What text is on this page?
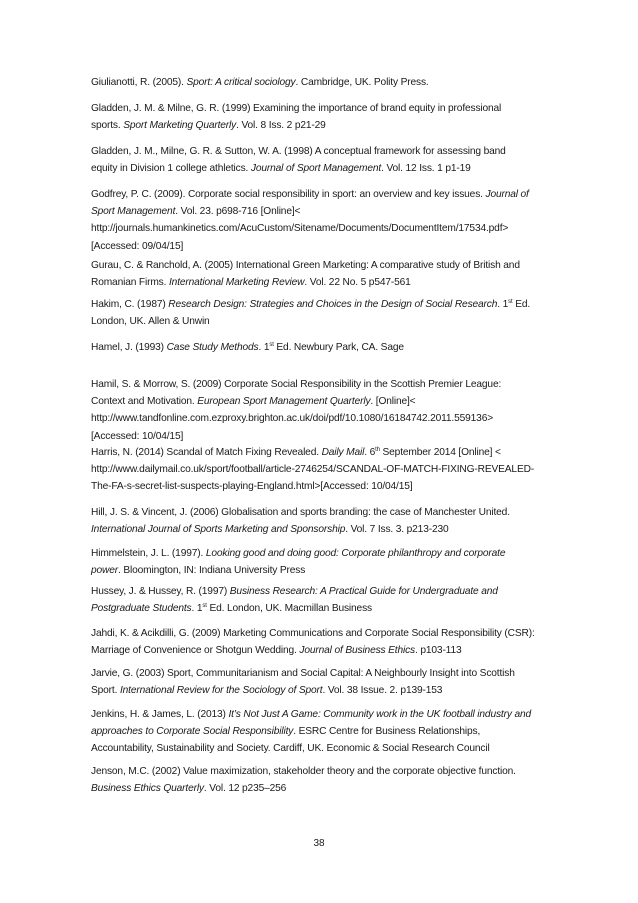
Giulianotti, R. (2005). Sport: A critical sociology. Cambridge, UK. Polity Press.
Gladden, J. M. & Milne, G. R. (1999) Examining the importance of brand equity in professional
sports. Sport Marketing Quarterly. Vol. 8 Iss. 2 p21-29
Gladden, J. M., Milne, G. R. & Sutton, W. A. (1998) A conceptual framework for assessing band
equity in Division 1 college athletics. Journal of Sport Management. Vol. 12 Iss. 1 p1-19
Godfrey, P. C. (2009). Corporate social responsibility in sport: an overview and key issues. Journal of
Sport Management. Vol. 23. p698-716 [Online]<
http://journals.humankinetics.com/AcuCustom/Sitename/Documents/DocumentItem/17534.pdf>
[Accessed: 09/04/15]
Gurau, C. & Ranchold, A. (2005) International Green Marketing: A comparative study of British and
Romanian Firms. International Marketing Review. Vol. 22 No. 5 p547-561
Hakim, C. (1987) Research Design: Strategies and Choices in the Design of Social Research. 1st Ed.
London, UK. Allen & Unwin
Hamel, J. (1993) Case Study Methods. 1st Ed. Newbury Park, CA. Sage
Hamil, S. & Morrow, S. (2009) Corporate Social Responsibility in the Scottish Premier League:
Context and Motivation. European Sport Management Quarterly. [Online]<
http://www.tandfonline.com.ezproxy.brighton.ac.uk/doi/pdf/10.1080/16184742.2011.559136>
[Accessed: 10/04/15]
Harris, N. (2014) Scandal of Match Fixing Revealed. Daily Mail. 6th September 2014 [Online] <
http://www.dailymail.co.uk/sport/football/article-2746254/SCANDAL-OF-MATCH-FIXING-REVEALED-
The-FA-s-secret-list-suspects-playing-England.html>[Accessed: 10/04/15]
Hill, J. S. & Vincent, J. (2006) Globalisation and sports branding: the case of Manchester United.
International Journal of Sports Marketing and Sponsorship. Vol. 7 Iss. 3. p213-230
Himmelstein, J. L. (1997). Looking good and doing good: Corporate philanthropy and corporate
power. Bloomington, IN: Indiana University Press
Hussey, J. & Hussey, R. (1997) Business Research: A Practical Guide for Undergraduate and
Postgraduate Students. 1st Ed. London, UK. Macmillan Business
Jahdi, K. & Acikdilli, G. (2009) Marketing Communications and Corporate Social Responsibility (CSR):
Marriage of Convenience or Shotgun Wedding. Journal of Business Ethics. p103-113
Jarvie, G. (2003) Sport, Communitarianism and Social Capital: A Neighbourly Insight into Scottish
Sport. International Review for the Sociology of Sport. Vol. 38 Issue. 2. p139-153
Jenkins, H. & James, L. (2013) It’s Not Just A Game: Community work in the UK football industry and
approaches to Corporate Social Responsibility. ESRC Centre for Business Relationships,
Accountability, Sustainability and Society. Cardiff, UK. Economic & Social Research Council
Jenson, M.C. (2002) Value maximization, stakeholder theory and the corporate objective function.
Business Ethics Quarterly. Vol. 12 p235–256
38
